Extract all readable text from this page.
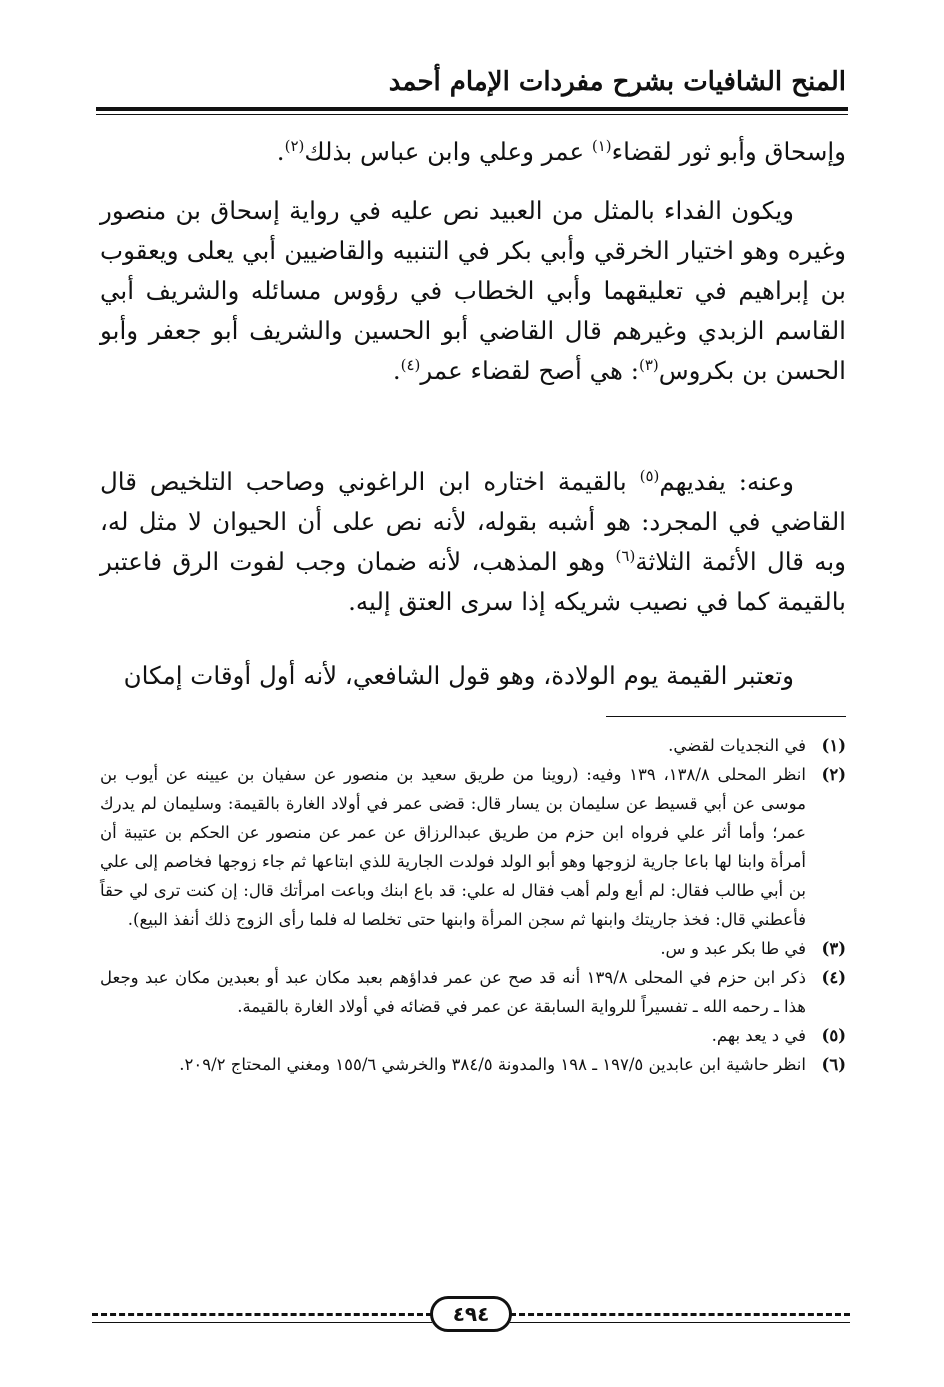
المنح الشافيات بشرح مفردات الإمام أحمد

وإسحاق وأبو ثور لقضاء$^{(١)}$ عمر وعلي وابن عباس بذلك$^{(٢)}$.

ويكون الفداء بالمثل من العبيد نص عليه في رواية إسحاق بن منصور وغيره وهو اختيار الخرقي وأبي بكر في التنبيه والقاضيين أبي يعلى ويعقوب بن إبراهيم في تعليقهما وأبي الخطاب في رؤوس مسائله والشريف أبي القاسم الزبدي وغيرهم قال القاضي أبو الحسين والشريف أبو جعفر وأبو الحسن بن بكروس$^{(٣)}$: هي أصح لقضاء عمر$^{(٤)}$.

وعنه: يفديهم$^{(٥)}$ بالقيمة اختاره ابن الراغوني وصاحب التلخيص قال القاضي في المجرد: هو أشبه بقوله، لأنه نص على أن الحيوان لا مثل له، وبه قال الأئمة الثلاثة$^{(٦)}$ وهو المذهب، لأنه ضمان وجب لفوت الرق فاعتبر بالقيمة كما في نصيب شريكه إذا سرى العتق إليه.

وتعتبر القيمة يوم الولادة، وهو قول الشافعي، لأنه أول أوقات إمكان

(١)
في النجديات لقضي.
(٢)
انظر المحلى ١٣٨/٨، ١٣٩ وفيه: (روينا من طريق سعيد بن منصور عن سفيان بن عيينه عن أيوب بن موسى عن أبي قسيط عن سليمان بن يسار قال: قضى عمر في أولاد الغارة بالقيمة: وسليمان لم يدرك عمر؛ وأما أثر علي فرواه ابن حزم من طريق عبدالرزاق عن عمر عن منصور عن الحكم بن عتيبة أن أمرأة وابنا لها باعا جارية لزوجها وهو أبو الولد فولدت الجارية للذي ابتاعها ثم جاء زوجها فخاصم إلى علي بن أبي طالب فقال: لم أبع ولم أهب فقال له علي: قد باع ابنك وباعت امرأتك قال: إن كنت ترى لي حقاً فأعطني قال: فخذ جاريتك وابنها ثم سجن المرأة وابنها حتى تخلصا له فلما رأى الزوج ذلك أنفذ البيع).
(٣)
في طا بكر عبد و س.
(٤)
ذكر ابن حزم في المحلى ١٣٩/٨ أنه قد صح عن عمر فداؤهم بعبد مكان عبد أو بعبدين مكان عبد وجعل هذا ـ رحمه الله ـ تفسيراً للرواية السابقة عن عمر في قضائه في أولاد الغارة بالقيمة.
(٥)
في د يعد بهم.
(٦)
انظر حاشية ابن عابدين ١٩٧/٥ ـ ١٩٨ والمدونة ٣٨٤/٥ والخرشي ١٥٥/٦ ومغني المحتاج ٢٠٩/٢.
٤٩٤
